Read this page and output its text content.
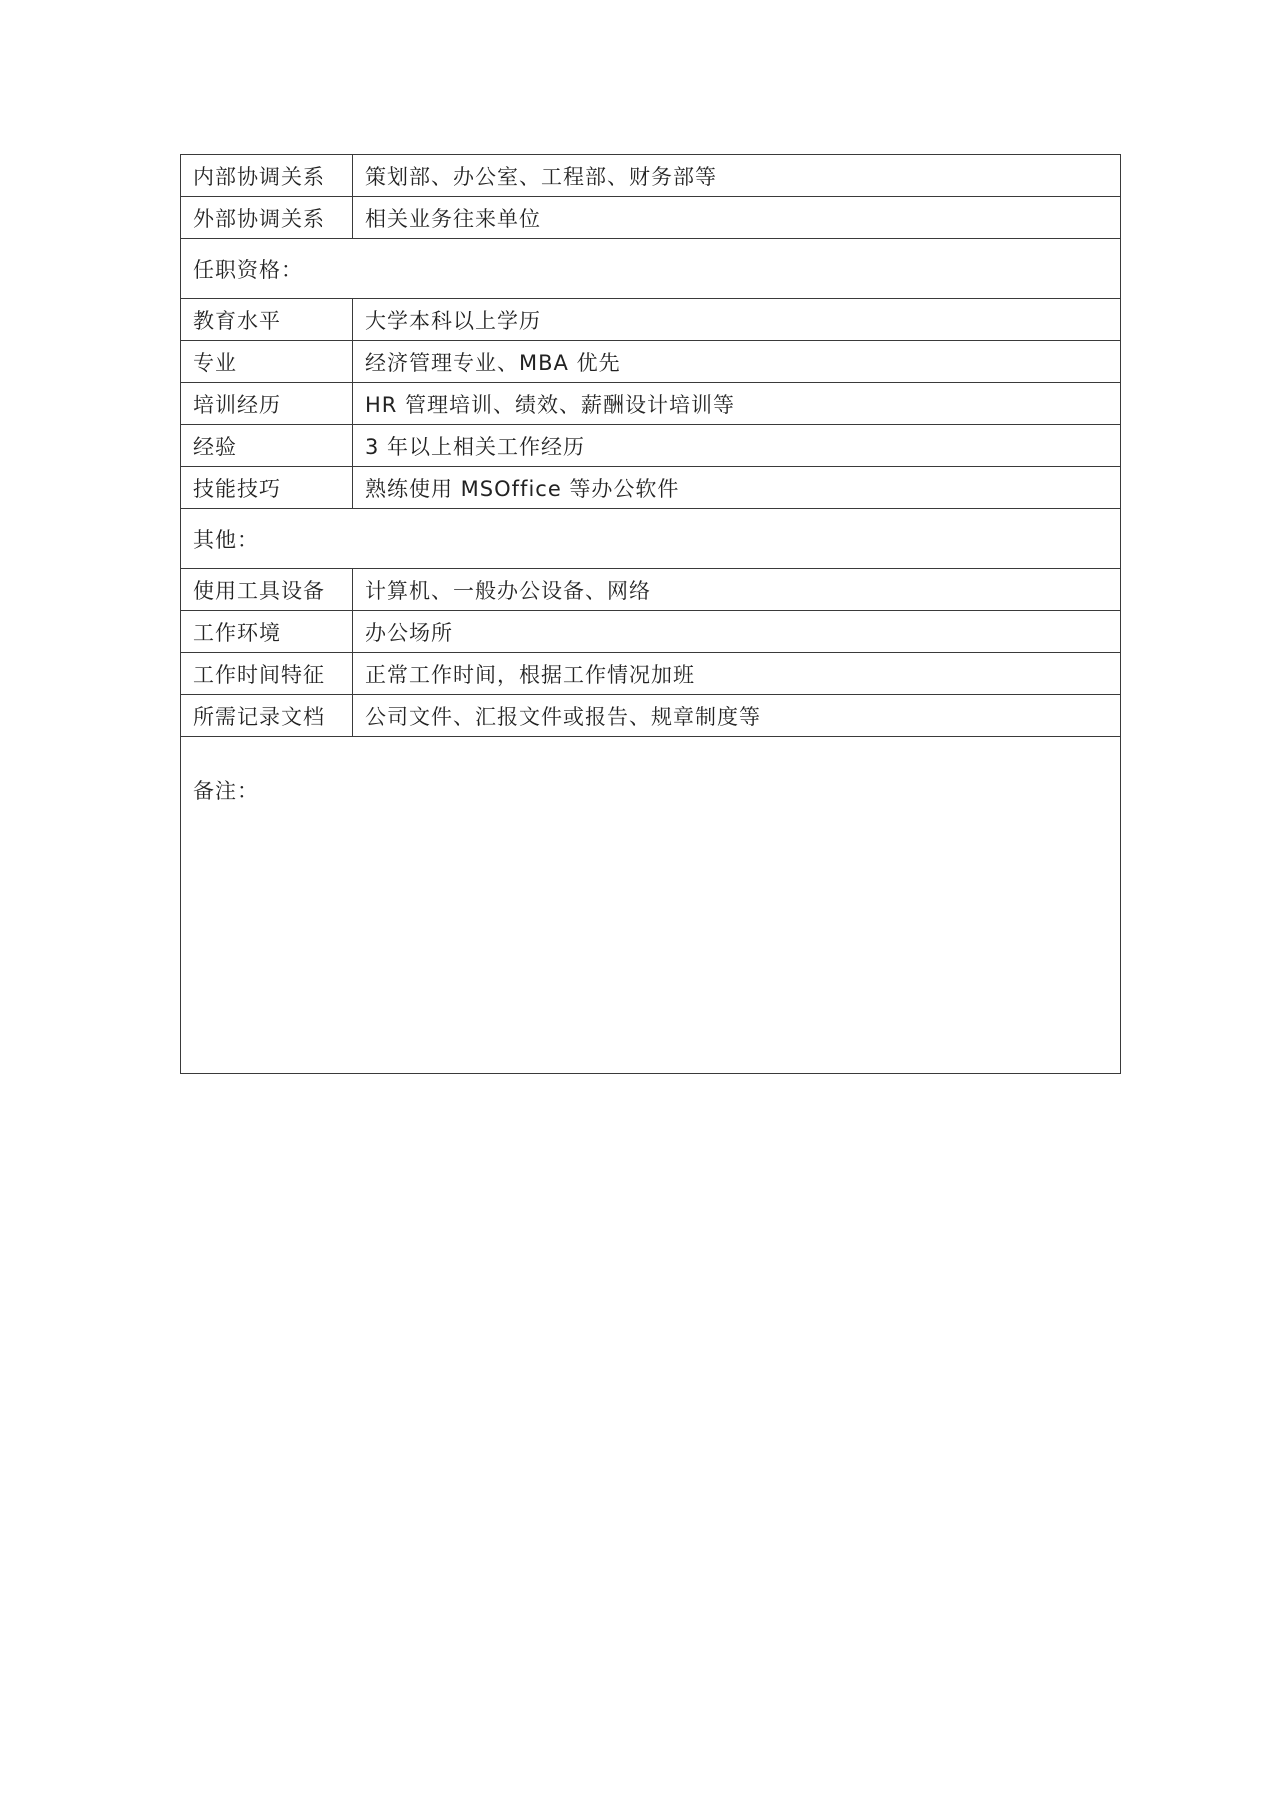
内部协调关系	策划部、办公室、工程部、财务部等
外部协调关系	相关业务往来单位
任职资格：	
教育水平	大学本科以上学历
专业	经济管理专业、MBA 优先
培训经历	HR 管理培训、绩效、薪酬设计培训等
经验	3 年以上相关工作经历
技能技巧	熟练使用 MSOffice 等办公软件
其他：	
使用工具设备	计算机、一般办公设备、网络
工作环境	办公场所
工作时间特征	正常工作时间，根据工作情况加班
所需记录文档	公司文件、汇报文件或报告、规章制度等
备注：	
